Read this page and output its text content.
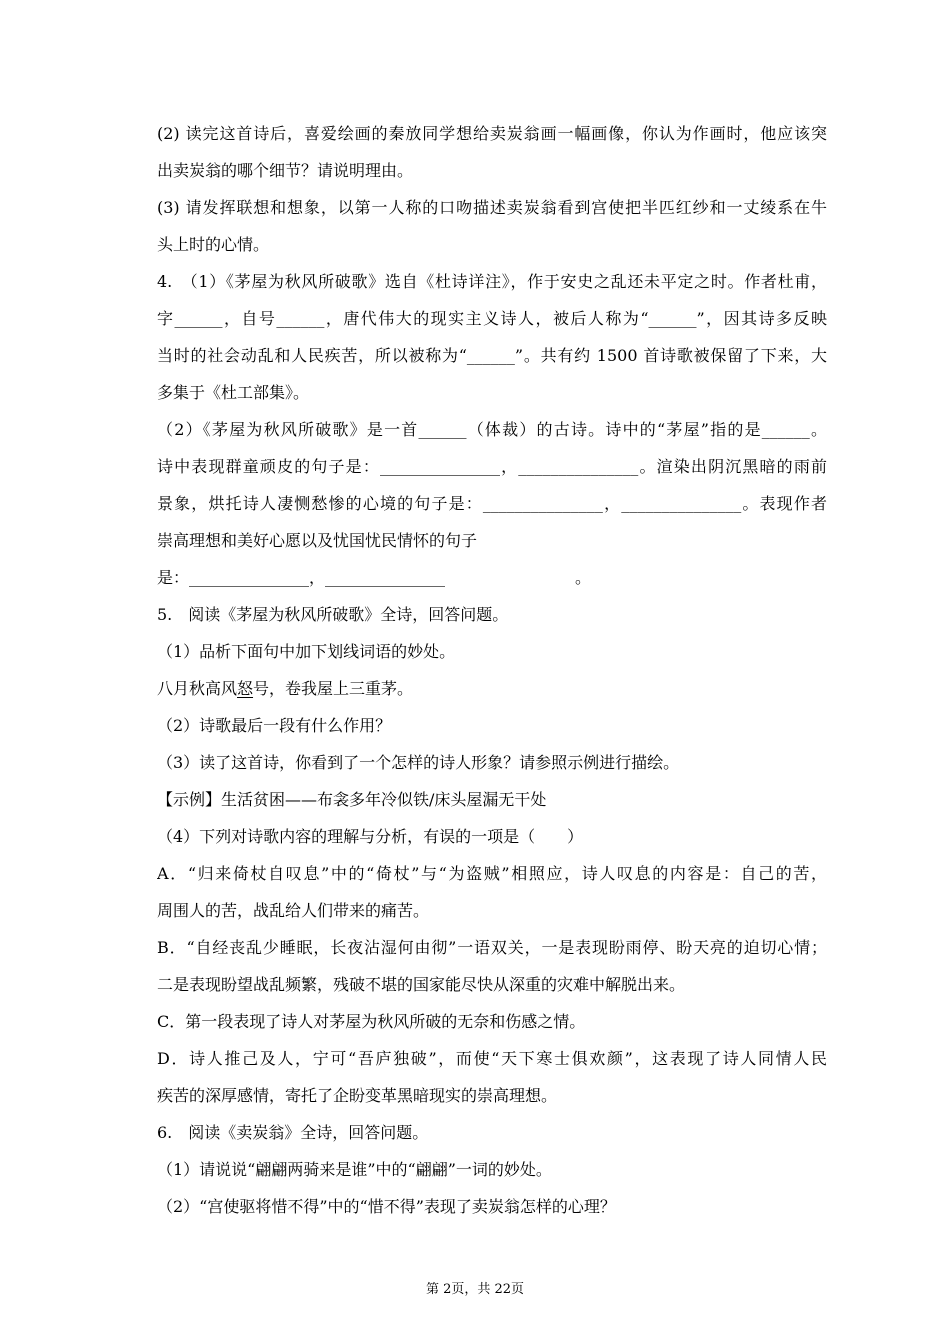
(2) 读完这首诗后，喜爱绘画的秦放同学想给卖炭翁画一幅画像，你认为作画时，他应该突
出卖炭翁的哪个细节？请说明理由。
(3) 请发挥联想和想象，以第一人称的口吻描述卖炭翁看到宫使把半匹红纱和一丈绫系在牛
头上时的心情。
4.　（1）《茅屋为秋风所破歌》选自《杜诗详注》，作于安史之乱还未平定之时。作者杜甫，
字______，自号______，唐代伟大的现实主义诗人，被后人称为“______”，因其诗多反映
当时的社会动乱和人民疾苦，所以被称为“______”。共有约 1500 首诗歌被保留了下来，大
多集于《杜工部集》。
（2）《茅屋为秋风所破歌》是一首______（体裁）的古诗。诗中的“茅屋”指的是______。
诗中表现群童顽皮的句子是：_______________，_______________。渲染出阴沉黑暗的雨前
景象，烘托诗人凄恻愁惨的心境的句子是：_______________，_______________。表现作者
崇高理想和美好心愿以及忧国忧民情怀的句子
是：_______________，_______________	。
5.　阅读《茅屋为秋风所破歌》全诗，回答问题。
（1）品析下面句中加下划线词语的妙处。
八月秋高风怒号，卷我屋上三重茅。
（2）诗歌最后一段有什么作用？
（3）读了这首诗，你看到了一个怎样的诗人形象？请参照示例进行描绘。
【示例】生活贫困——布衾多年冷似铁/床头屋漏无干处
（4）下列对诗歌内容的理解与分析，有误的一项是（　　）
A．“归来倚杖自叹息”中的“倚杖”与“为盗贼”相照应，诗人叹息的内容是：自己的苦，
周围人的苦，战乱给人们带来的痛苦。
B．“自经丧乱少睡眠，长夜沾湿何由彻”一语双关，一是表现盼雨停、盼天亮的迫切心情；
二是表现盼望战乱频繁，残破不堪的国家能尽快从深重的灾难中解脱出来。
C．第一段表现了诗人对茅屋为秋风所破的无奈和伤感之情。
D．诗人推己及人，宁可“吾庐独破”，而使“天下寒士俱欢颜”，这表现了诗人同情人民
疾苦的深厚感情，寄托了企盼变革黑暗现实的崇高理想。
6.　阅读《卖炭翁》全诗，回答问题。
（1）请说说“翩翩两骑来是谁”中的“翩翩”一词的妙处。
（2）“宫使驱将惜不得”中的“惜不得”表现了卖炭翁怎样的心理？
第 2页，共 22页
